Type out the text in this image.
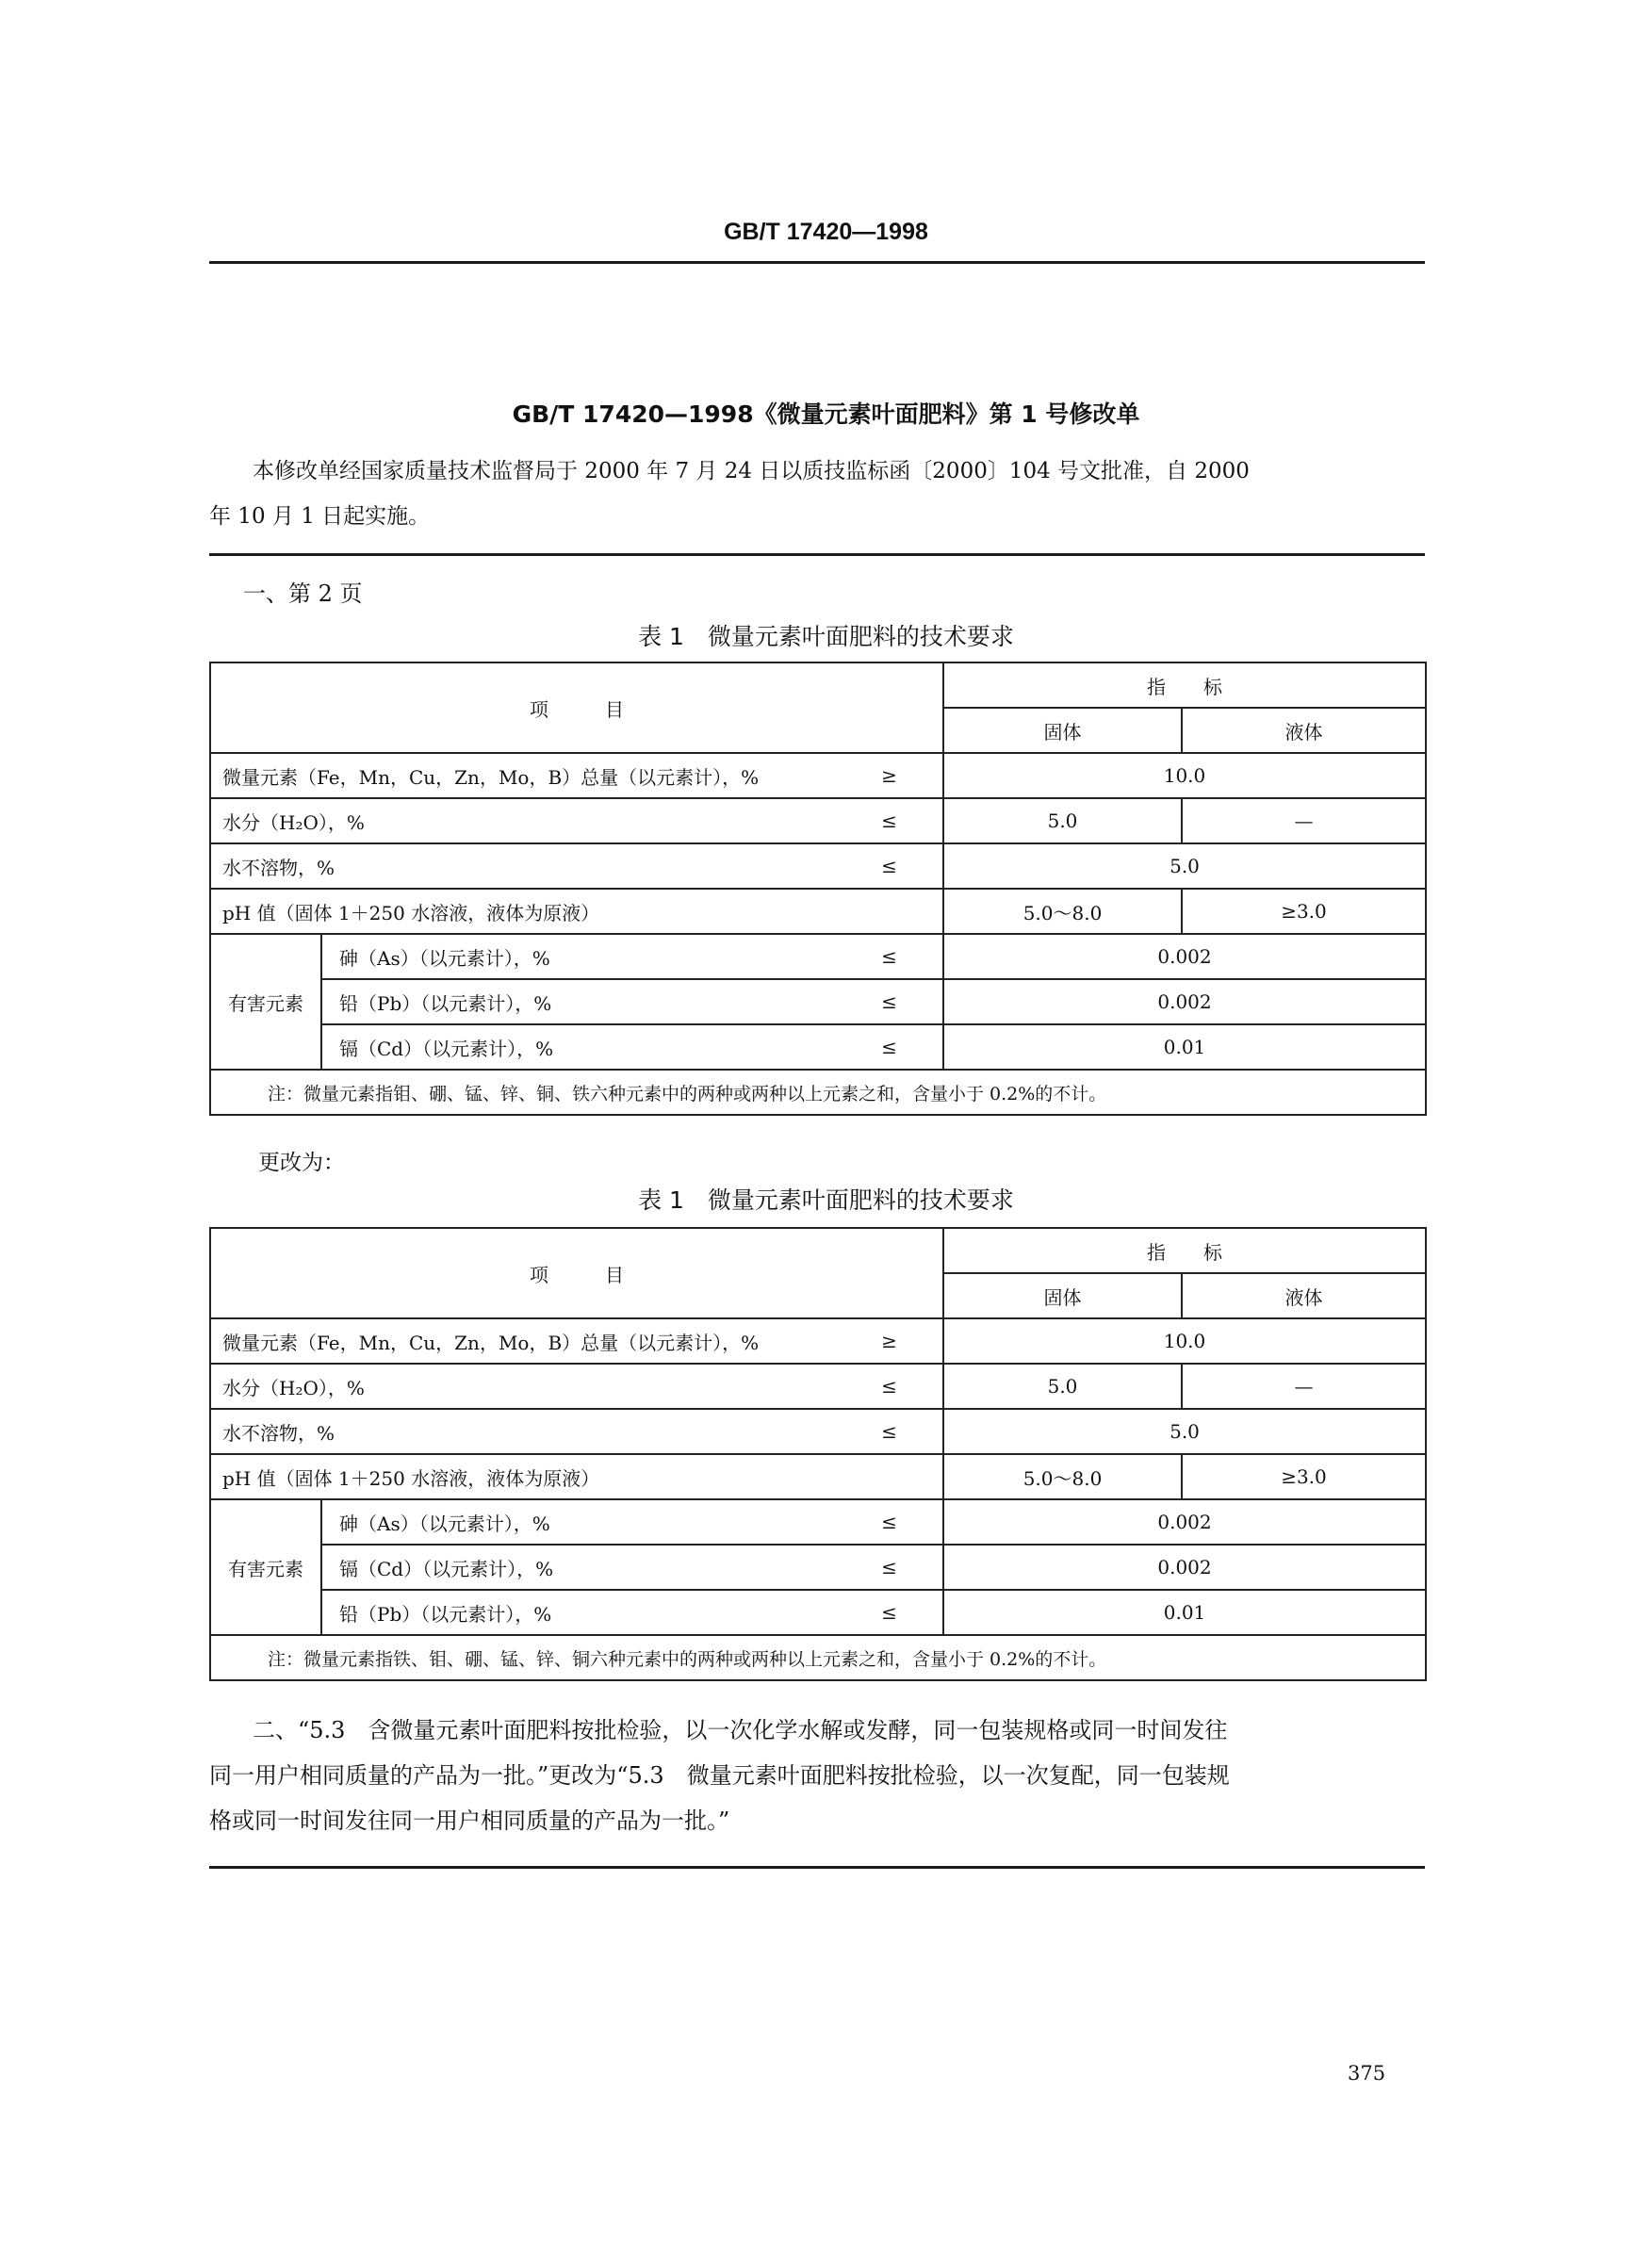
GB/T 17420—1998
GB/T 17420—1998《微量元素叶面肥料》第 1 号修改单

本修改单经国家质量技术监督局于 2000 年 7 月 24 日以质技监标函〔2000〕104 号文批准，自 2000

年 10 月 1 日起实施。

一、第 2 页
表 1　微量元素叶面肥料的技术要求
项　　　目			指　　标	
			固体	液体
微量元素（Fe，Mn，Cu，Zn，Mo，B）总量（以元素计），%		≥	10.0	
水分（H₂O），%		≤	5.0	—
水不溶物，%		≤	5.0	
pH 值（固体 1＋250 水溶液，液体为原液）			5.0～8.0	≥3.0
有害元素	砷（As）（以元素计），%	≤	0.002	
	铅（Pb）（以元素计），%	≤	0.002	
	镉（Cd）（以元素计），%	≤	0.01	
注：微量元素指钼、硼、锰、锌、铜、铁六种元素中的两种或两种以上元素之和，含量小于 0.2%的不计。				
更改为：
表 1　微量元素叶面肥料的技术要求
项　　　目			指　　标	
			固体	液体
微量元素（Fe，Mn，Cu，Zn，Mo，B）总量（以元素计），%		≥	10.0	
水分（H₂O），%		≤	5.0	—
水不溶物，%		≤	5.0	
pH 值（固体 1＋250 水溶液，液体为原液）			5.0～8.0	≥3.0
有害元素	砷（As）（以元素计），%	≤	0.002	
	镉（Cd）（以元素计），%	≤	0.002	
	铅（Pb）（以元素计），%	≤	0.01	
注：微量元素指铁、钼、硼、锰、锌、铜六种元素中的两种或两种以上元素之和，含量小于 0.2%的不计。				

二、“5.3　含微量元素叶面肥料按批检验，以一次化学水解或发酵，同一包装规格或同一时间发往

同一用户相同质量的产品为一批。”更改为“5.3　微量元素叶面肥料按批检验，以一次复配，同一包装规

格或同一时间发往同一用户相同质量的产品为一批。”

375
